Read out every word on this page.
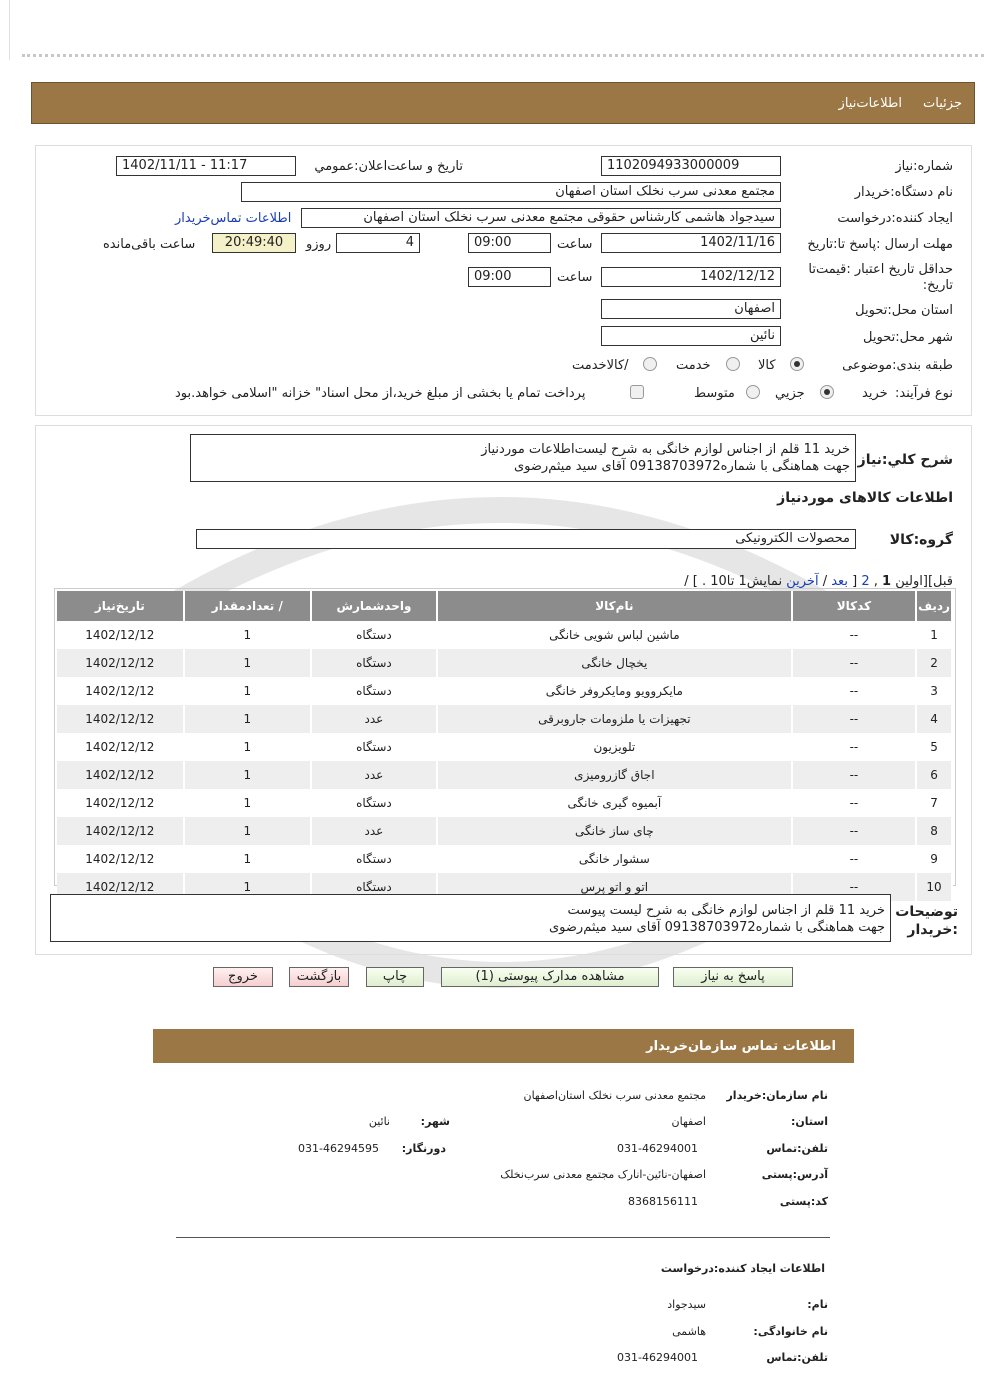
جزئيات
اطلاعات‌نياز
شماره:نیاز
1102094933000009
تاريخ و ساعت‌اعلان:عمومي
1402/11/11 - 11:17
نام دستگاه:خریدار
مجتمع معدنی سرب نخلک استان اصفهان
ایجاد کننده:درخواست
سیدجواد هاشمی کارشناس حقوقی مجتمع معدنی سرب نخلک استان اصفهان
اطلاعات تماس‌خریدار
مهلت ارسال :پاسخ تا:تاریخ
1402/11/16
ساعت
09:00
4
روزو
20:49:40
ساعت باقی‌مانده
حداقل تاریخ اعتبار :قیمت‌تا تاریخ:
1402/12/12
ساعت
09:00
استان محل:تحویل
اصفهان
شهر محل:تحویل
نائین
طبقه بندی:موضوعی
کالا
خدمت
/کالاخدمت
نوع فرآیند:
خرید
جزيي
متوسط
پرداخت تمام يا بخشی از مبلغ خريد،از محل اسناد" خزانه "اسلامی خواهد.بود
شرح کلي:نياز
خرید 11 قلم از اجناس لوازم خانگی به شرح لیست‌اطلاعات موردنیاز
جهت هماهنگی با شماره09138703972 آقای سید میثم‌رضوی
اطلاعات کالاهای موردنیاز
گروه:کالا
محصولات الکترونیکی
/ قبل][اولین 1 , 2 [ بعد / آخرین نمایش1 تا10 . ]
ردیف	کدکالا	نام‌کالا	واحدشمارش	/ تعدادمقدار	تاریخ‌نیاز
1	--	ماشین لباس شویی خانگی	دستگاه	1	1402/12/12
2	--	یخچال خانگی	دستگاه	1	1402/12/12
3	--	مایکروویو ومایکروفر خانگی	دستگاه	1	1402/12/12
4	--	تجهیزات یا ملزومات جاروبرقی	عدد	1	1402/12/12
5	--	تلویزیون	دستگاه	1	1402/12/12
6	--	اجاق گازرومیزی	عدد	1	1402/12/12
7	--	آبمیوه گیری خانگی	دستگاه	1	1402/12/12
8	--	چای ساز خانگی	عدد	1	1402/12/12
9	--	سشوار خانگی	دستگاه	1	1402/12/12
10	--	اتو و اتو پرس	دستگاه	1	1402/12/12
توضیحات
:خریدار
خرید 11 قلم از اجناس لوازم خانگی به شرح لیست پیوست
جهت هماهنگی با شماره09138703972 آقای سید میثم‌رضوی
پاسخ به نیاز
مشاهده مدارک پیوستی (1)
چاپ
بازگشت
خروج
اطلاعات تماس سازمان‌خریدار
نام سازمان:خریدار
مجتمع معدنی سرب نخلک استان‌اصفهان
استان:
اصفهان
شهر:
نائین
تلفن:تماس
031-46294001
دورنگار:
031-46294595
آدرس:پستی
اصفهان-نائین-انارک مجتمع معدنی سرب‌نخلک
کد:پستی
8368156111
اطلاعات ایجاد کننده:درخواست
نام:
سیدجواد
نام خانوادگی:
هاشمی
تلفن:تماس
031-46294001
